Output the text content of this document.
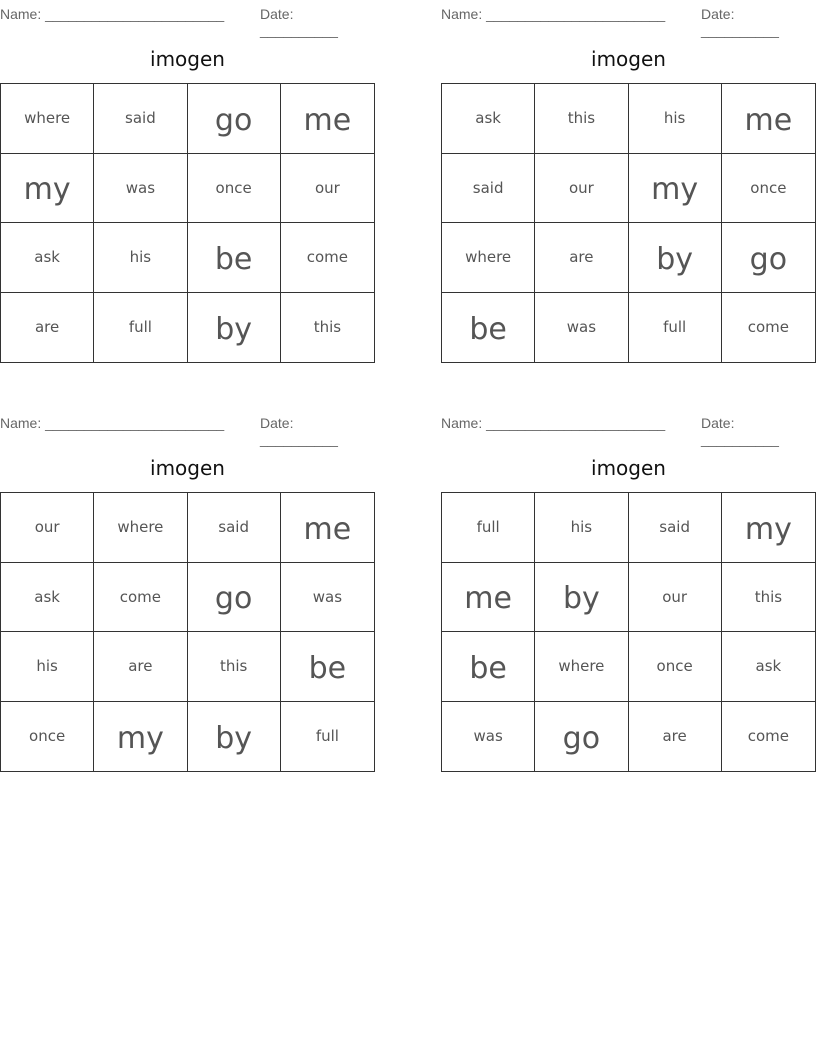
Name: _______________________	Date: __________
imogen
where	said	go	me
my	was	once	our
ask	his	be	come
are	full	by	this
Name: _______________________	Date: __________
imogen
ask	this	his	me
said	our	my	once
where	are	by	go
be	was	full	come
Name: _______________________	Date: __________
imogen
our	where	said	me
ask	come	go	was
his	are	this	be
once	my	by	full
Name: _______________________	Date: __________
imogen
full	his	said	my
me	by	our	this
be	where	once	ask
was	go	are	come
